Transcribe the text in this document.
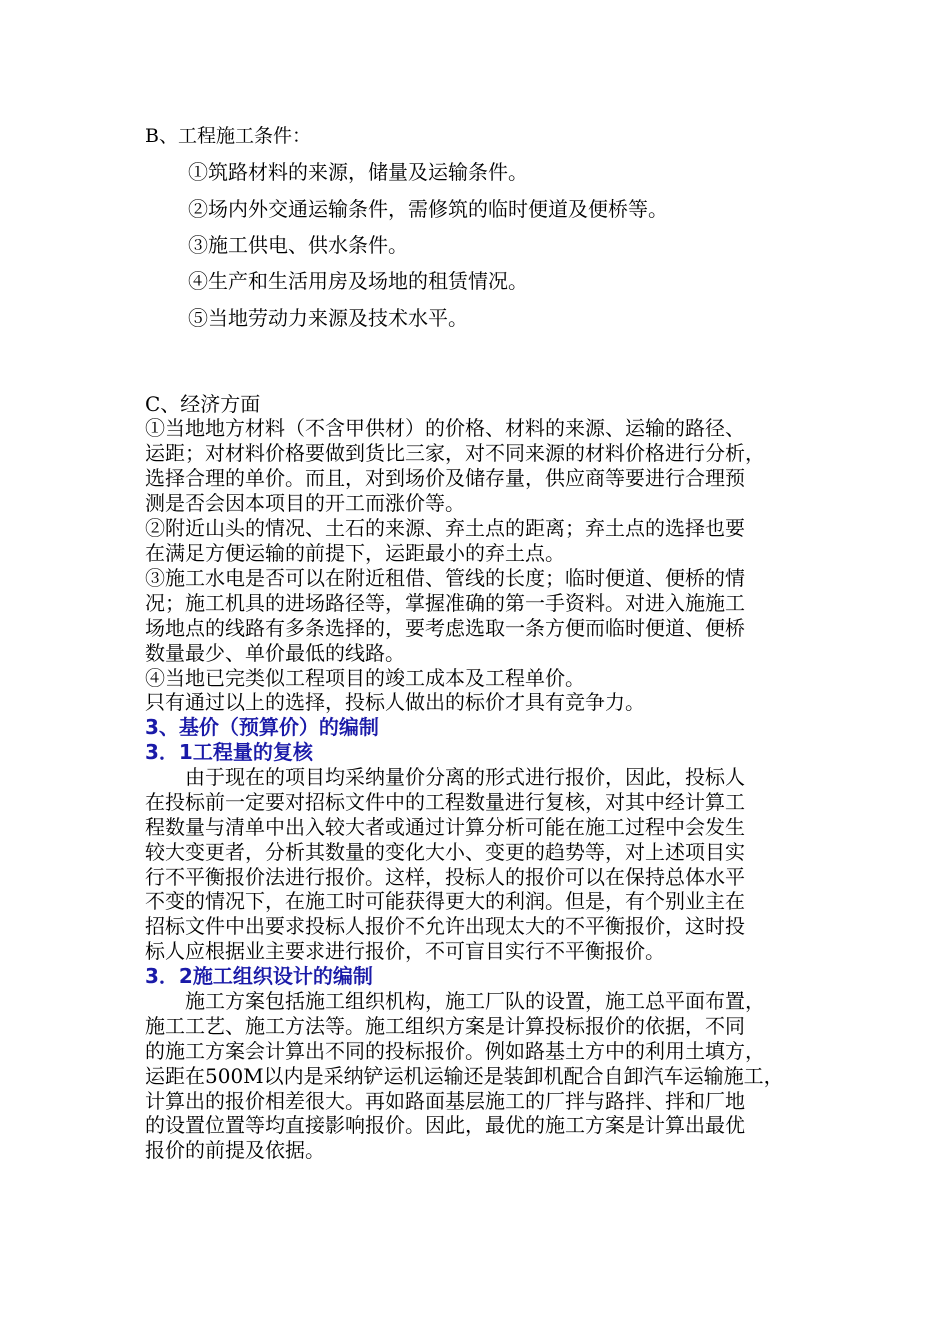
B、工程施工条件：
①筑路材料的来源，储量及运输条件。
②场内外交通运输条件，需修筑的临时便道及便桥等。
③施工供电、供水条件。
④生产和生活用房及场地的租赁情况。
⑤当地劳动力来源及技术水平。
C、经济方面
①当地地方材料（不含甲供材）的价格、材料的来源、运输的路径、
运距；对材料价格要做到货比三家，对不同来源的材料价格进行分析，
选择合理的单价。而且，对到场价及储存量，供应商等要进行合理预
测是否会因本项目的开工而涨价等。
②附近山头的情况、土石的来源、弃土点的距离；弃土点的选择也要
在满足方便运输的前提下，运距最小的弃土点。
③施工水电是否可以在附近租借、管线的长度；临时便道、便桥的情
况；施工机具的进场路径等，掌握准确的第一手资料。对进入施施工
场地点的线路有多条选择的，要考虑选取一条方便而临时便道、便桥
数量最少、单价最低的线路。
④当地已完类似工程项目的竣工成本及工程单价。
只有通过以上的选择，投标人做出的标价才具有竞争力。
3、基价（预算价）的编制
3．1工程量的复核
由于现在的项目均采纳量价分离的形式进行报价，因此，投标人
在投标前一定要对招标文件中的工程数量进行复核，对其中经计算工
程数量与清单中出入较大者或通过计算分析可能在施工过程中会发生
较大变更者，分析其数量的变化大小、变更的趋势等，对上述项目实
行不平衡报价法进行报价。这样，投标人的报价可以在保持总体水平
不变的情况下，在施工时可能获得更大的利润。但是，有个别业主在
招标文件中出要求投标人报价不允许出现太大的不平衡报价，这时投
标人应根据业主要求进行报价，不可盲目实行不平衡报价。
3．2施工组织设计的编制
施工方案包括施工组织机构，施工厂队的设置，施工总平面布置，
施工工艺、施工方法等。施工组织方案是计算投标报价的依据，不同
的施工方案会计算出不同的投标报价。例如路基土方中的利用土填方，
运距在500M以内是采纳铲运机运输还是装卸机配合自卸汽车运输施工，
计算出的报价相差很大。再如路面基层施工的厂拌与路拌、拌和厂地
的设置位置等均直接影响报价。因此，最优的施工方案是计算出最优
报价的前提及依据。
